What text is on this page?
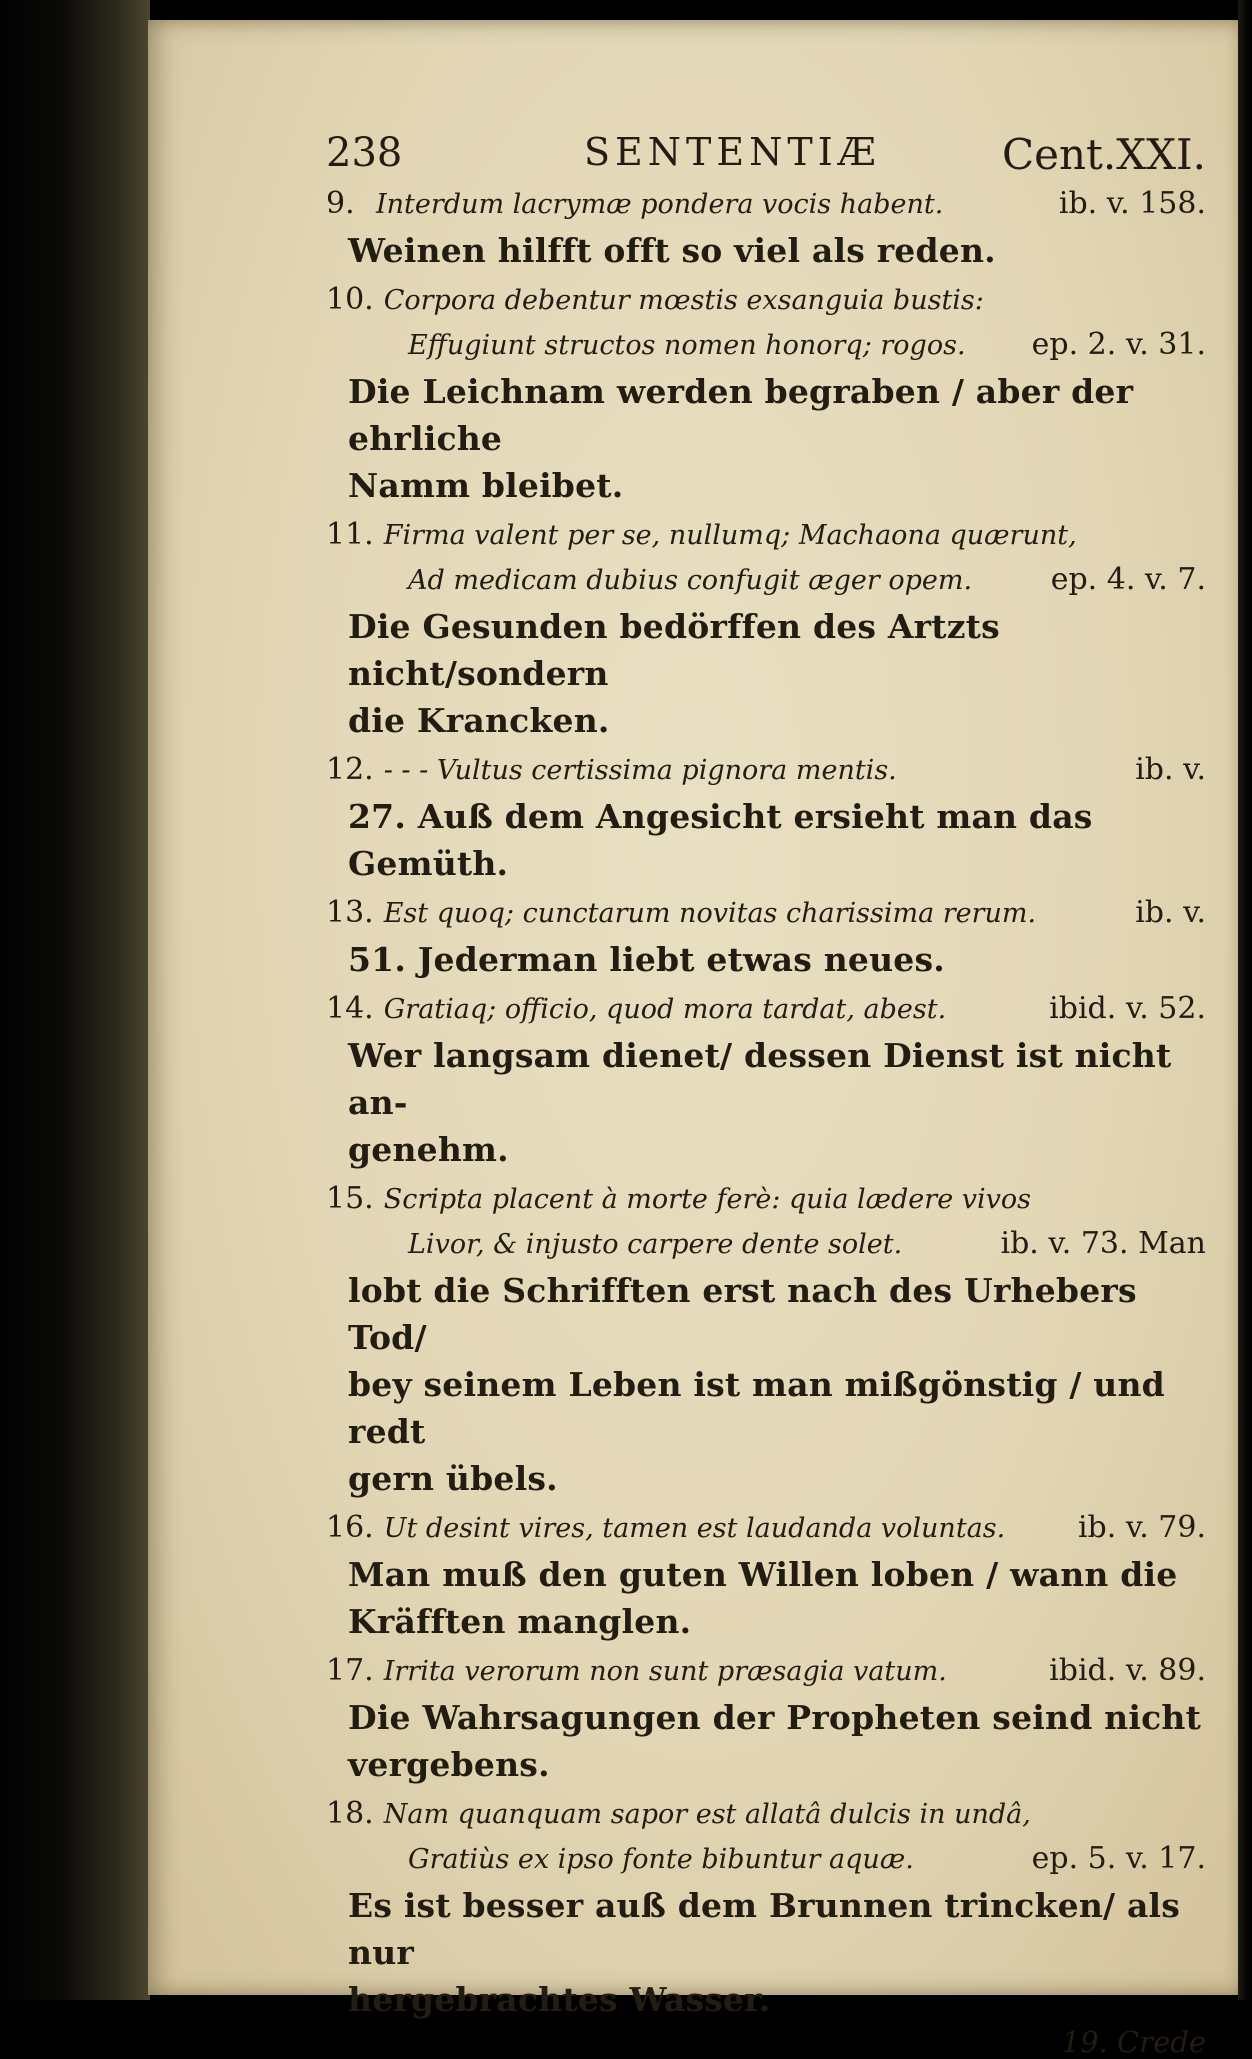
238	SENTENTIÆ	Cent.XXI.
9. Interdum lacrymæ pondera vocis habent.	ib. v. 158.
Weinen hilfft offt so viel als reden.
10. Corpora debentur mœstis exsanguia bustis:
Effugiunt structos nomen honorq; rogos. ep. 2. v. 31.
Die Leichnam werden begraben / aber der ehrliche
Namm bleibet.
11. Firma valent per se, nullumq; Machaona quærunt,
Ad medicam dubius confugit æger opem.	ep. 4. v. 7.
Die Gesunden bedörffen des Artzts nicht/sondern
die Krancken.
12. - - - Vultus certissima pignora mentis.	ib. v.
27. Auß dem Angesicht ersieht man das Gemüth.
13. Est quoq; cunctarum novitas charissima rerum.	ib. v.
51. Jederman liebt etwas neues.
14. Gratiaq; officio, quod mora tardat, abest.	ibid. v. 52.
Wer langsam dienet/ dessen Dienst ist nicht an-
genehm.
15. Scripta placent à morte ferè: quia lædere vivos
Livor, & injusto carpere dente solet.	ib. v. 73. Man
lobt die Schrifften erst nach des Urhebers Tod/
bey seinem Leben ist man mißgönstig / und redt
gern übels.
16. Ut desint vires, tamen est laudanda voluntas. ib. v. 79.
Man muß den guten Willen loben / wann die
Kräfften manglen.
17. Irrita verorum non sunt præsagia vatum.	ibid. v. 89.
Die Wahrsagungen der Propheten seind nicht
vergebens.
18. Nam quanquam sapor est allatâ dulcis in undâ,
Gratiùs ex ipso fonte bibuntur aquæ.	ep. 5. v. 17.
Es ist besser auß dem Brunnen trincken/ als nur
hergebrachtes Wasser.
19. Crede
